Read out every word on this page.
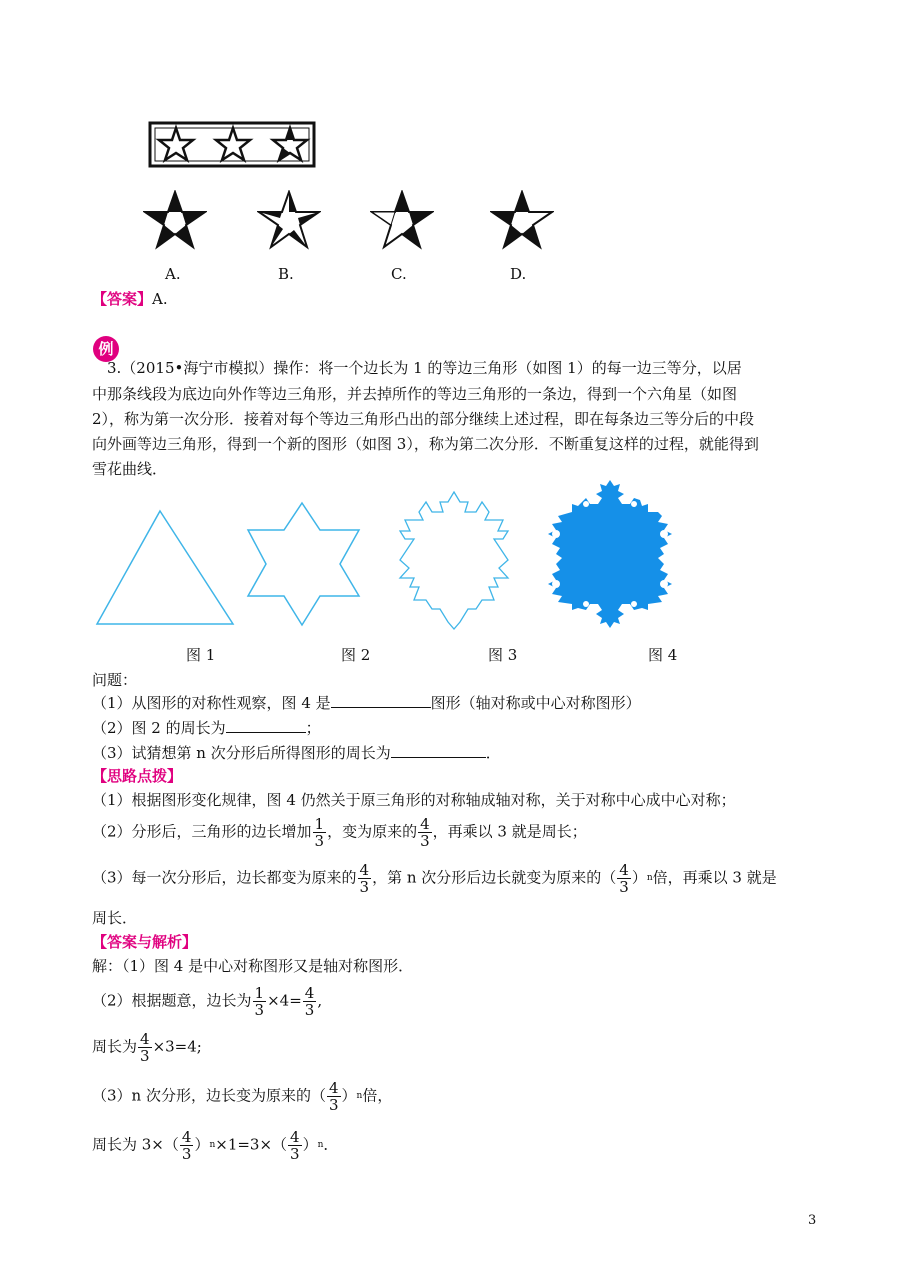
A.	B.	C.	D.
【答案】A.
例
3.（2015•海宁市模拟）操作：将一个边长为 1 的等边三角形（如图 1）的每一边三等分，以居
中那条线段为底边向外作等边三角形，并去掉所作的等边三角形的一条边，得到一个六角星（如图
2），称为第一次分形．接着对每个等边三角形凸出的部分继续上述过程，即在每条边三等分后的中段
向外画等边三角形，得到一个新的图形（如图 3），称为第二次分形．不断重复这样的过程，就能得到
雪花曲线．
图 1	图 2	图 3	图 4
问题：
（1）从图形的对称性观察，图 4 是	图形（轴对称或中心对称图形）
（2）图 2 的周长为	；
（3）试猜想第 n 次分形后所得图形的周长为	．
【思路点拨】
（1）根据图形变化规律，图 4 仍然关于原三角形的对称轴成轴对称，关于对称中心成中心对称；
（2）分形后，三角形的边长增加 $\frac{1}{3}$ ，变为原来的 $\frac{4}{3}$ ，再乘以 3 就是周长；
（3）每一次分形后，边长都变为原来的 $\frac{4}{3}$ ，第 n 次分形后边长就变为原来的（ $\frac{4}{3} )^n$倍，再乘以 3 就是
周长．
【答案与解析】
解：（1）图 4 是中心对称图形又是轴对称图形．
（2）根据题意，边长为 $\frac{1}{3} \times 4= \frac{4}{3}$ ,
周长为 $\frac{4}{3} \times 3=4$;
（3）n 次分形，边长变为原来的（ $\frac{4}{3} )^n$倍，
周长为 $3\times( \frac{4}{3} )^n\times 1=3\times( \frac{4}{3} )^n$．
3
